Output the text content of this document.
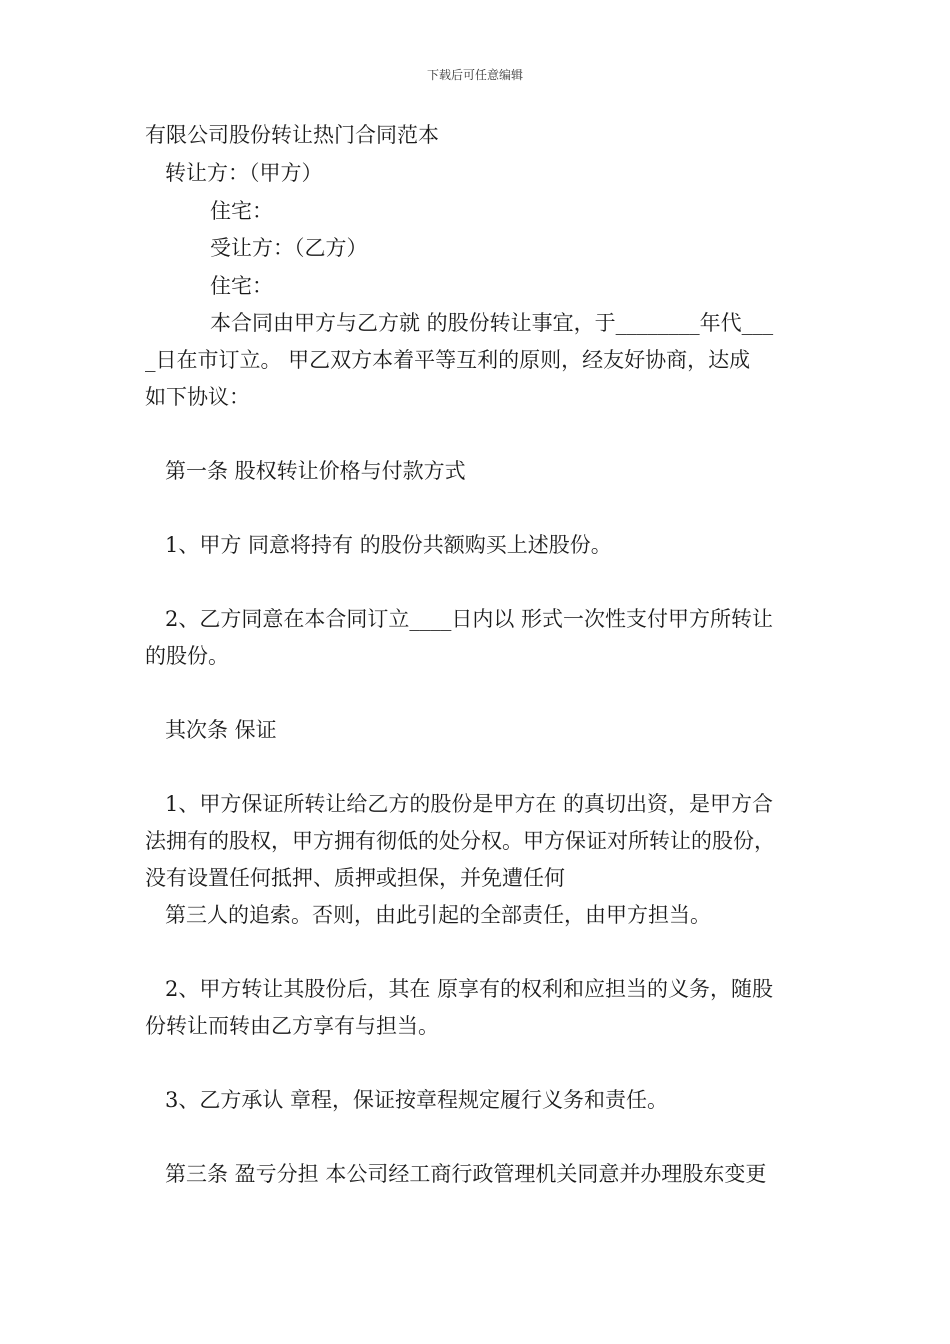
下载后可任意编辑
有限公司股份转让热门合同范本
转让方：（甲方）
住宅：
受让方：（乙方）
住宅：
本合同由甲方与乙方就 的股份转让事宜，于________年代___
_日在市订立。 甲乙双方本着平等互利的原则，经友好协商，达成
如下协议：
第一条 股权转让价格与付款方式
1、甲方 同意将持有 的股份共额购买上述股份。
2、乙方同意在本合同订立____日内以 形式一次性支付甲方所转让
的股份。
其次条 保证
1、甲方保证所转让给乙方的股份是甲方在 的真切出资，是甲方合
法拥有的股权，甲方拥有彻低的处分权。甲方保证对所转让的股份，
没有设置任何抵押、质押或担保，并免遭任何
第三人的追索。否则，由此引起的全部责任，由甲方担当。
2、甲方转让其股份后，其在 原享有的权利和应担当的义务，随股
份转让而转由乙方享有与担当。
3、乙方承认 章程，保证按章程规定履行义务和责任。
第三条 盈亏分担 本公司经工商行政管理机关同意并办理股东变更
